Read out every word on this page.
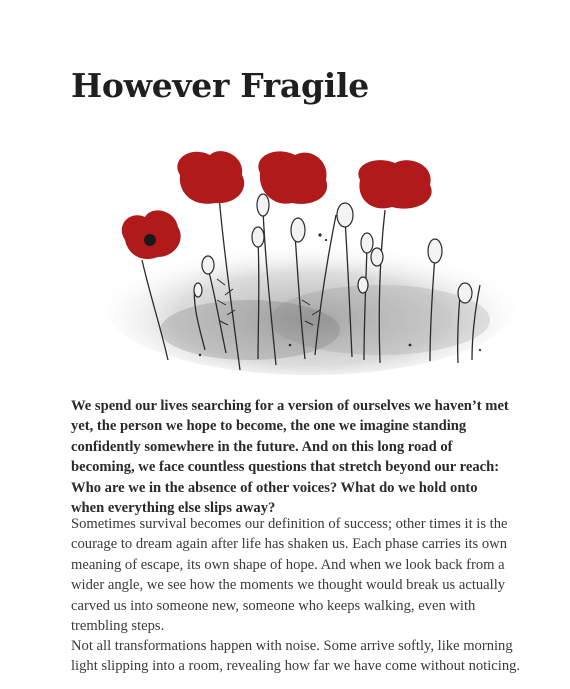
However Fragile

We spend our lives searching for a version of ourselves we haven’t met yet, the person we hope to become, the one we imagine standing confidently somewhere in the future. And on this long road of becoming, we face countless questions that stretch beyond our reach: Who are we in the absence of other voices? What do we hold onto when everything else slips away?

Sometimes survival becomes our definition of success; other times it is the courage to dream again after life has shaken us. Each phase carries its own meaning of escape, its own shape of hope. And when we look back from a wider angle, we see how the moments we thought would break us actually carved us into someone new, someone who keeps walking, even with trembling steps.

Not all transformations happen with noise. Some arrive softly, like morning light slipping into a room, revealing how far we have come without noticing.
